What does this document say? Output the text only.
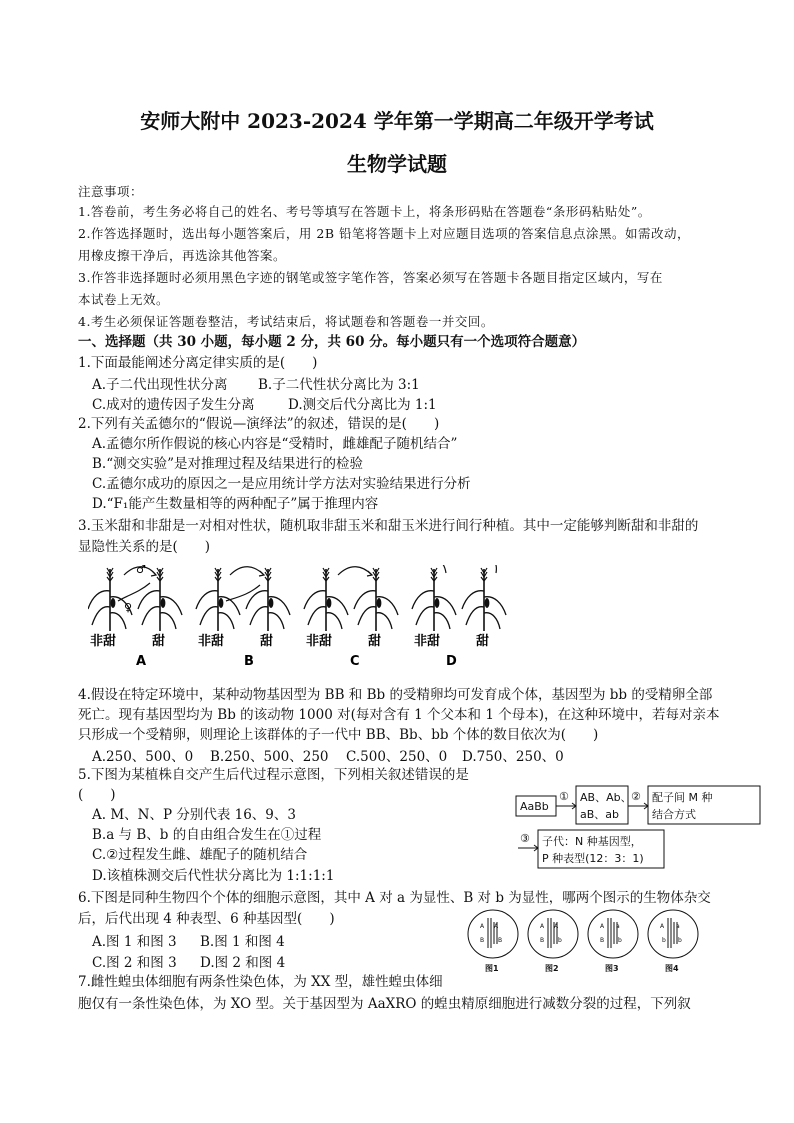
安师大附中 2023-2024 学年第一学期高二年级开学考试
生物学试题
注意事项：
1.答卷前，考生务必将自己的姓名、考号等填写在答题卡上，将条形码贴在答题卷“条形码粘贴处”。
2.作答选择题时，选出每小题答案后，用 2B 铅笔将答题卡上对应题目选项的答案信息点涂黑。如需改动，
用橡皮擦干净后，再选涂其他答案。
3.作答非选择题时必须用黑色字迹的钢笔或签字笔作答，答案必须写在答题卡各题目指定区域内，写在
本试卷上无效。
4.考生必须保证答题卷整洁，考试结束后，将试题卷和答题卷一并交回。
一、选择题（共 30 小题，每小题 2 分，共 60 分。每小题只有一个选项符合题意）
1.下面最能阐述分离定律实质的是(　　)
A.子二代出现性状分离 B.子二代性状分离比为 3:1
C.成对的遗传因子发生分离 D.测交后代分离比为 1:1
2.下列有关孟德尔的“假说—演绎法”的叙述，错误的是(　　)
A.孟德尔所作假说的核心内容是“受精时，雌雄配子随机结合”
B.“测交实验”是对推理过程及结果进行的检验
C.孟德尔成功的原因之一是应用统计学方法对实验结果进行分析
D.“F₁能产生数量相等的两种配子”属于推理内容
3.玉米甜和非甜是一对相对性状，随机取非甜玉米和甜玉米进行间行种植。其中一定能够判断甜和非甜的
显隐性关系的是(　　)
♂
♀
非甜	甜	非甜	甜	非甜	甜	非甜	甜
A	B	C	D
4.假设在特定环境中，某种动物基因型为 BB 和 Bb 的受精卵均可发育成个体，基因型为 bb 的受精卵全部
死亡。现有基因型均为 Bb 的该动物 1000 对(每对含有 1 个父本和 1 个母本)，在这种环境中，若每对亲本
只形成一个受精卵，则理论上该群体的子一代中 BB、Bb、bb 个体的数目依次为(　　)
A.250、500、0 B.250、500、250 C.500、250、0 D.750、250、0
5.下图为某植株自交产生后代过程示意图，下列相关叙述错误的是
(　　)
A. M、N、P 分别代表 16、9、3
B.a 与 B、b 的自由组合发生在①过程
C.②过程发生雌、雄配子的随机结合
D.该植株测交后代性状分离比为 1:1:1:1
AaBb
① AB、Ab、
aB、ab
② 配子间 M 种
结合方式
③ 子代：N 种基因型，
P 种表型(12：3：1)
6.下图是同种生物四个个体的细胞示意图，其中 A 对 a 为显性、B 对 b 为显性，哪两个图示的生物体杂交
后，后代出现 4 种表型、6 种基因型(　　)
A.图 1 和图 3 B.图 1 和图 4
C.图 2 和图 3 D.图 2 和图 4
A A
B B
A A
B b
A a
B b
A a
b b
图1	图2	图3	图4
7.雌性蝗虫体细胞有两条性染色体，为 XX 型，雄性蝗虫体细
胞仅有一条性染色体，为 XO 型。关于基因型为 AaXRO 的蝗虫精原细胞进行减数分裂的过程，下列叙
